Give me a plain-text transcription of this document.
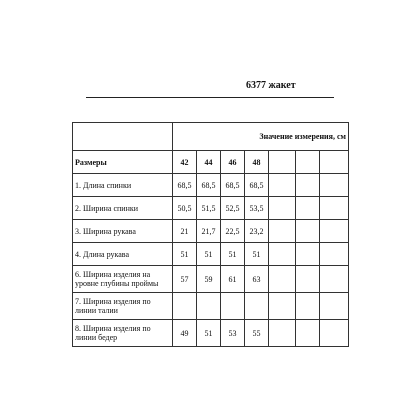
6377 жакет
	Значение измерения, см						
Размеры	42	44	46	48			
1. Длина спинки	68,5	68,5	68,5	68,5			
2. Ширина спинки	50,5	51,5	52,5	53,5			
3. Ширина рукава	21	21,7	22,5	23,2			
4. Длина рукава	51	51	51	51			
6. Ширина изделия на уровне глубины проймы	57	59	61	63			
7. Ширина изделия по линии талии							
8. Ширина изделия по линии бедер	49	51	53	55			
